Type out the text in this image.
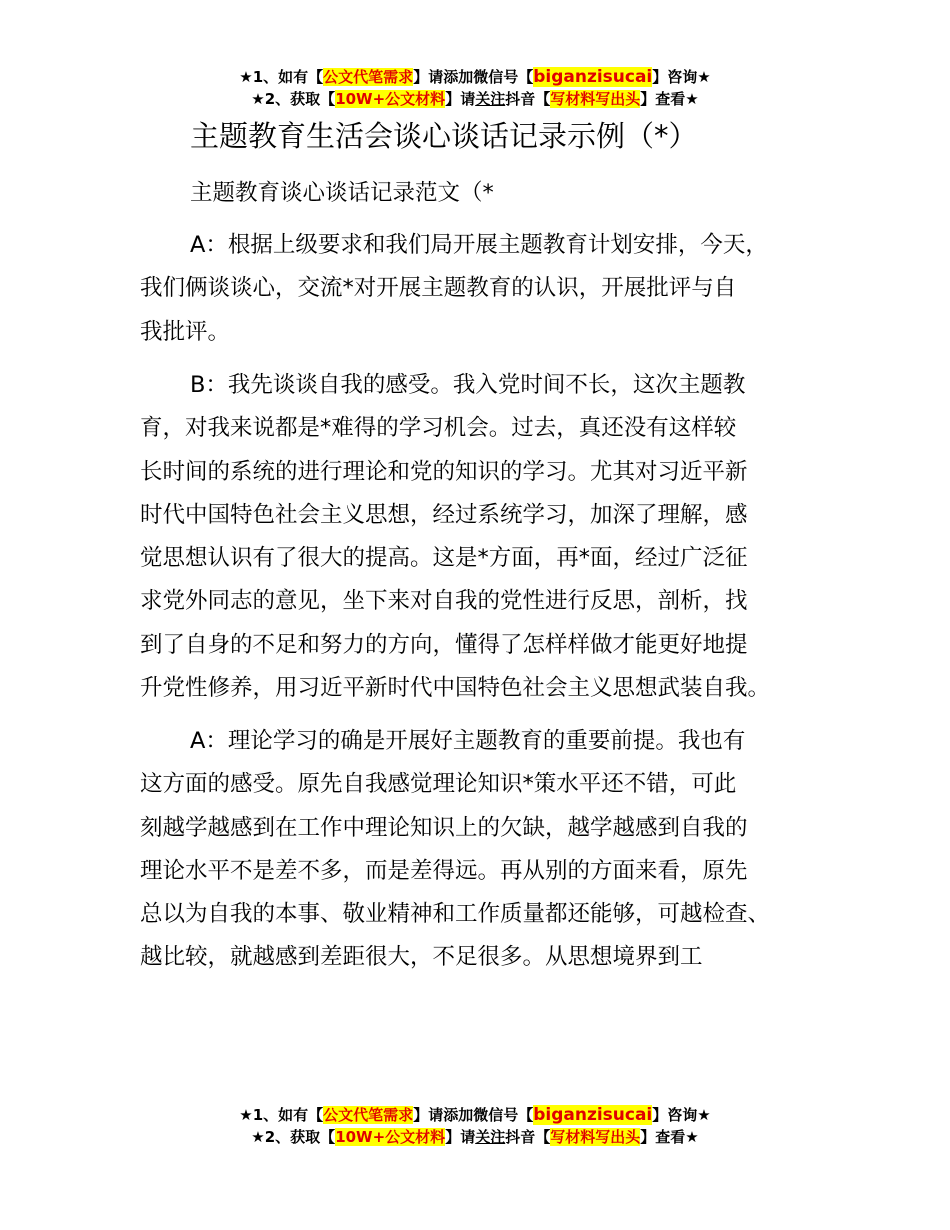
★1、如有【公文代笔需求】请添加微信号【biganzisucai】咨询★
★2、获取【10W+公文材料】请关注抖音【写材料写出头】查看★
主题教育生活会谈心谈话记录示例（*）
主题教育谈心谈话记录范文（*
A：根据上级要求和我们局开展主题教育计划安排，今天，
我们俩谈谈心，交流*对开展主题教育的认识，开展批评与自
我批评。
B：我先谈谈自我的感受。我入党时间不长，这次主题教
育，对我来说都是*难得的学习机会。过去，真还没有这样较
长时间的系统的进行理论和党的知识的学习。尤其对习近平新
时代中国特色社会主义思想，经过系统学习，加深了理解，感
觉思想认识有了很大的提高。这是*方面，再*面，经过广泛征
求党外同志的意见，坐下来对自我的党性进行反思，剖析，找
到了自身的不足和努力的方向，懂得了怎样样做才能更好地提
升党性修养，用习近平新时代中国特色社会主义思想武装自我。
A：理论学习的确是开展好主题教育的重要前提。我也有
这方面的感受。原先自我感觉理论知识*策水平还不错，可此
刻越学越感到在工作中理论知识上的欠缺，越学越感到自我的
理论水平不是差不多，而是差得远。再从别的方面来看，原先
总以为自我的本事、敬业精神和工作质量都还能够，可越检查、
越比较，就越感到差距很大，不足很多。从思想境界到工
★1、如有【公文代笔需求】请添加微信号【biganzisucai】咨询★
★2、获取【10W+公文材料】请关注抖音【写材料写出头】查看★
